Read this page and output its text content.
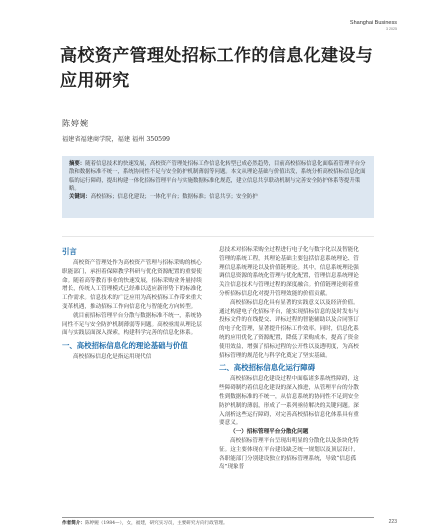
Shanghai Business
3 2025
高校资产管理处招标工作的信息化建设与应用研究
陈婷婉
福建省福建商学院，福建 福州 350599
摘要：随着信息技术的快速发展，高校资产管理处招标工作信息化转型已成必然趋势，目前高校招标信息化面临着管理平台分散和数据标准不统一，系统协同性不足与安全防护机制薄弱等问题。本文从理论基础与价值出发，系统分析高校招标信息化面临的运行障碍，提出构建一体化招标管理平台与实施数据标准化规范，建立信息共享联动机制与完善安全防护体系等提升策略。
关键词：高校招标；信息化建设；一体化平台；数据标准；信息共享；安全防护
引言

高校资产管理处作为高校资产管理与招标采购的核心职能部门，承担着保障教学科研与优化资源配置的重要使命。随着高等教育事业的快速发展，招标采购业务量持续增长，传统人工管理模式已经难以适应新形势下的标准化工作需求。信息技术的广泛应用为高校招标工作带来重大变革机遇，推动招标工作向信息化与智能化方向转型。

就目前招标管理平台分散与数据标准不统一，系统协同性不足与安全防护机制薄弱等问题。高校亟需从理论层面与实践层面深入探索，构建科学完善的信息化体系。

一、高校招标信息化的理论基础与价值

高校招标信息化是指运用现代信

息技术对招标采购全过程进行电子化与数字化以及智能化管理的系统工程，其理论基础主要包括信息系统理论、管理信息系统理论以及价值链理论。其中，信息系统理论强调信息资源的系统化管理与优化配置，管理信息系统理论关注信息技术与管理过程的深度融合。价值链理论则着重分析招标信息化对提升管理效能的价值贡献。

高校招标信息化具有显著的实践意义以及经济价值。通过构建电子化招标平台，能实现招标信息的及时发布与投标文件的在线提交、评标过程的智能辅助以及合同签订的电子化管理，显著提升招标工作效率。同时，信息化系统的应用优化了资源配置，降低了采购成本，提高了资金使用效益，增强了招标过程的公开性以及透明度，为高校招标管理的规范化与科学化奠定了坚实基础。

二、高校招标信息化运行障碍

高校招标信息化建设过程中面临诸多系统性障碍，这些障碍制约着信息化建设的深入推进，从管理平台的分散性到数据标准的不统一，从信息系统的协同性不足到安全防护机制的薄弱，形成了一系列亟待解决的关键问题。深入剖析这些运行障碍，对完善高校招标信息化体系具有重要意义。

（一）招标管理平台分散化问题

高校招标管理平台呈现出明显的分散化以及条块化特征。这主要体现在平台建设缺乏统一规划以及顶层设计，各职能部门分别建设独立的招标管理系统，导致“信息孤岛”现象普

作者简介：陈婷婉（1984—），女，福建，研究实习员，主要研究方向行政管理。	223
